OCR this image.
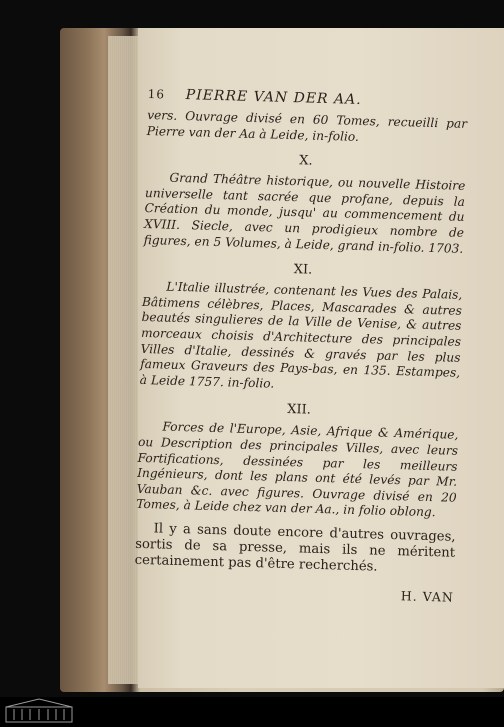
16 PIERRE VAN DER AA.

vers. Ouvrage divisé en 60 Tomes, recueilli par Pierre van der Aa à Leide, in-folio.

X.

Grand Théâtre historique, ou nouvelle Histoire universelle tant sacrée que profane, depuis la Création du monde, jusqu' au commencement du XVIII. Siecle, avec un prodigieux nombre de figures, en 5 Volumes, à Leide, grand in-folio. 1703.

XI.

L'Italie illustrée, contenant les Vues des Palais, Bâtimens célèbres, Places, Mascarades & autres beautés singulieres de la Ville de Venise, & autres morceaux choisis d'Architecture des principales Villes d'Italie, dessinés & gravés par les plus fameux Graveurs des Pays-bas, en 135. Estampes, à Leide 1757. in-folio.

XII.

Forces de l'Europe, Asie, Afrique & Amérique, ou Description des principales Villes, avec leurs Fortifications, dessinées par les meilleurs Ingénieurs, dont les plans ont été levés par Mr. Vauban &c. avec figures. Ouvrage divisé en 20 Tomes, à Leide chez van der Aa., in folio oblong.

Il y a sans doute encore d'autres ouvrages, sortis de sa presse, mais ils ne méritent certainement pas d'être recherchés.

H. VAN
